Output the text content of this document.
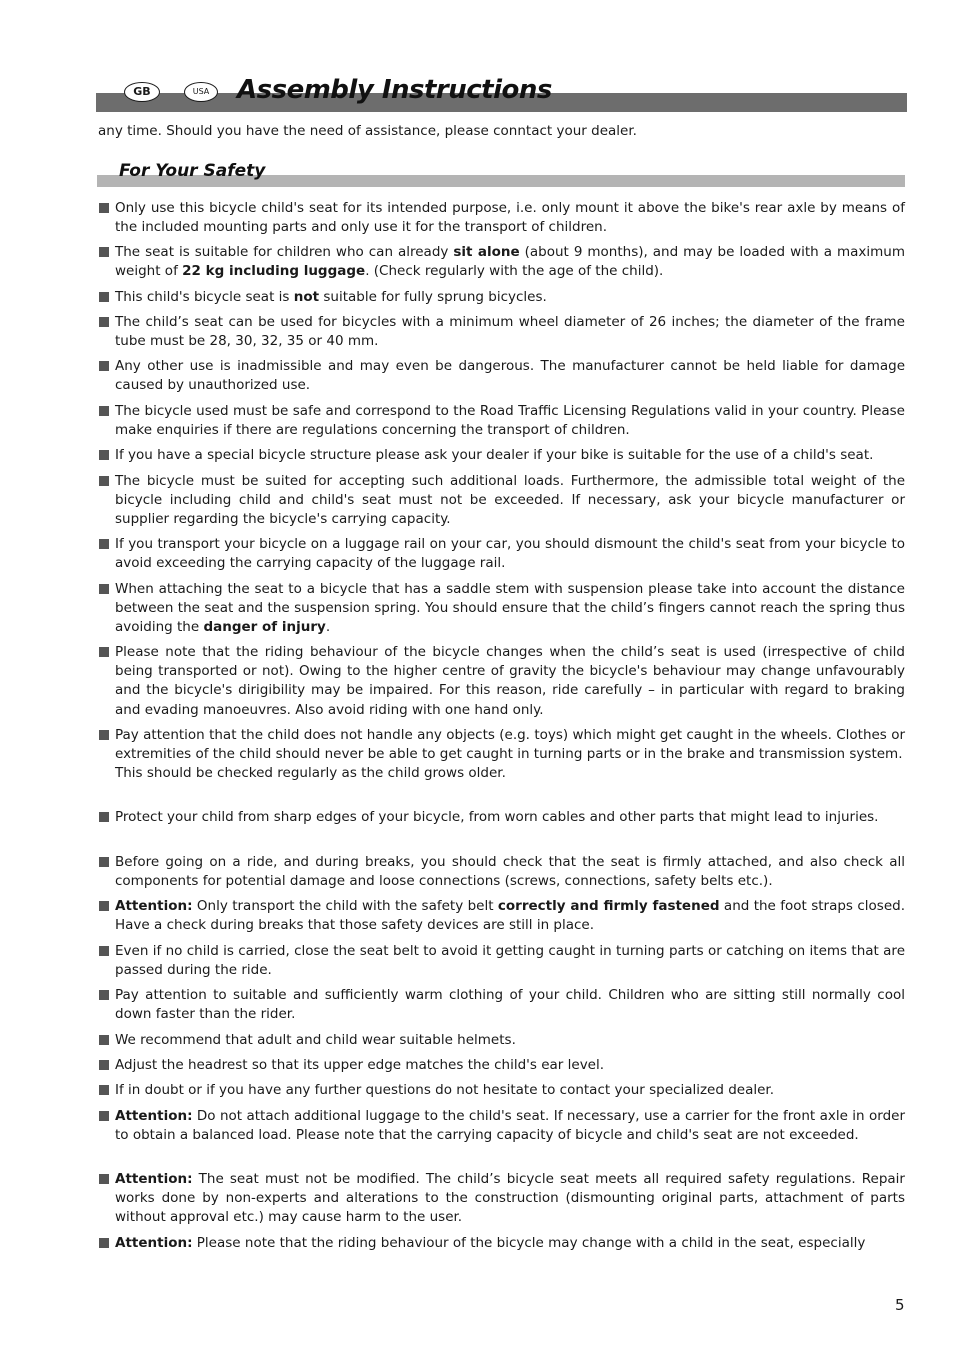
GB	USA	Assembly Instructions
any time. Should you have the need of assistance, please conntact your dealer.
For Your Safety
Only use this bicycle child's seat for its intended purpose, i.e. only mount it above the bike's rear axle by means of the included mounting parts and only use it for the transport of children.
The seat is suitable for children who can already sit alone (about 9 months), and may be loaded with a maximum weight of 22 kg including luggage. (Check regularly with the age of the child).
This child's bicycle seat is not suitable for fully sprung bicycles.
The child’s seat can be used for bicycles with a minimum wheel diameter of 26 inches; the diameter of the frame tube must be 28, 30, 32, 35 or 40 mm.
Any other use is inadmissible and may even be dangerous. The manufacturer cannot be held liable for damage caused by unauthorized use.
The bicycle used must be safe and correspond to the Road Traffic Licensing Regulations valid in your country. Please make enquiries if there are regulations concerning the transport of children.
If you have a special bicycle structure please ask your dealer if your bike is suitable for the use of a child's seat.
The bicycle must be suited for accepting such additional loads. Furthermore, the admissible total weight of the bicycle including child and child's seat must not be exceeded. If necessary, ask your bicycle manufacturer or supplier regarding the bicycle's carrying capacity.
If you transport your bicycle on a luggage rail on your car, you should dismount the child's seat from your bicycle to avoid exceeding the carrying capacity of the luggage rail.
When attaching the seat to a bicycle that has a saddle stem with suspension please take into account the distance between the seat and the suspension spring. You should ensure that the child’s fingers cannot reach the spring thus avoiding the danger of injury.
Please note that the riding behaviour of the bicycle changes when the child’s seat is used (irrespective of child being transported or not). Owing to the higher centre of gravity the bicycle's behaviour may change unfavourably and the bicycle's dirigibility may be impaired. For this reason, ride carefully – in particular with regard to braking and evading manoeuvres. Also avoid riding with one hand only.
Pay attention that the child does not handle any objects (e.g. toys) which might get caught in the wheels. Clothes or extremities of the child should never be able to get caught in turning parts or in the brake and transmission system.
This should be checked regularly as the child grows older.
Protect your child from sharp edges of your bicycle, from worn cables and other parts that might lead to injuries.
Before going on a ride, and during breaks, you should check that the seat is firmly attached, and also check all components for potential damage and loose connections (screws, connections, safety belts etc.).
Attention: Only transport the child with the safety belt correctly and firmly fastened and the foot straps closed. Have a check during breaks that those safety devices are still in place.
Even if no child is carried, close the seat belt to avoid it getting caught in turning parts or catching on items that are passed during the ride.
Pay attention to suitable and sufficiently warm clothing of your child. Children who are sitting still normally cool down faster than the rider.
We recommend that adult and child wear suitable helmets.
Adjust the headrest so that its upper edge matches the child's ear level.
If in doubt or if you have any further questions do not hesitate to contact your specialized dealer.
Attention: Do not attach additional luggage to the child's seat. If necessary, use a carrier for the front axle in order to obtain a balanced load. Please note that the carrying capacity of bicycle and child's seat are not exceeded.
Attention: The seat must not be modified. The child’s bicycle seat meets all required safety regulations. Repair works done by non-experts and alterations to the construction (dismounting original parts, attachment of parts without approval etc.) may cause harm to the user.
Attention: Please note that the riding behaviour of the bicycle may change with a child in the seat, especially
5
